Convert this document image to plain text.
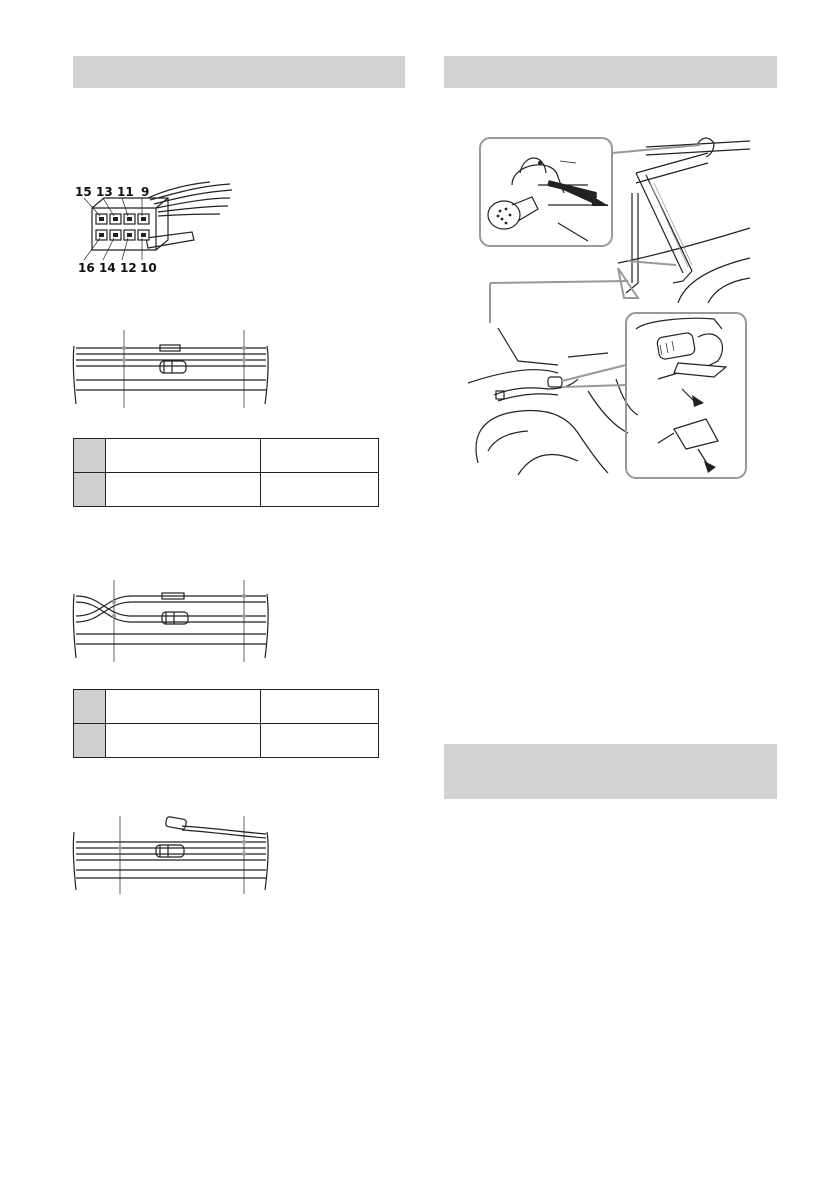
15 13 11 9
16 14 12 10
